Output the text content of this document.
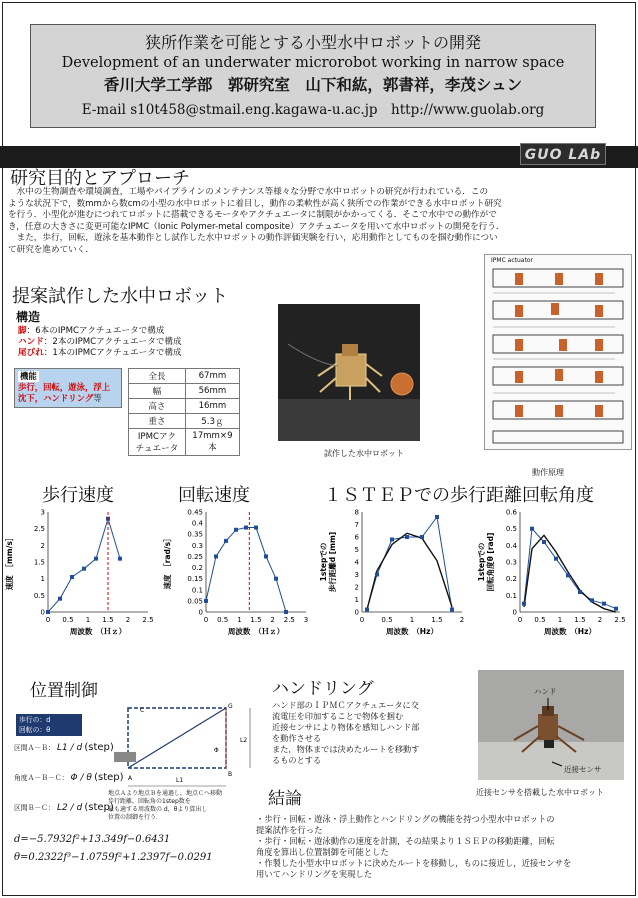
狭所作業を可能とする小型水中ロボットの開発
Development of an underwater microrobot working in narrow space
香川大学工学部　郭研究室　山下和紘，郭書祥，李茂シュン
E-mail s10t458@stmail.eng.kagawa-u.ac.jp　http://www.guolab.org
GUO LAb
研究目的とアプローチ
　水中の生物調査や環境調査，工場やパイプラインのメンテナンス等様々な分野で水中ロボットの研究が行われている．この
ような状況下で，数mmから数cmの小型の水中ロボットに着目し，動作の柔軟性が高く狭所での作業ができる水中ロボット研究
を行う．小型化が進むにつれてロボットに搭載できるモータやアクチュエータに制限がかかってくる．そこで水中での動作がで
き，任意の大きさに変更可能なIPMC（Ionic Polymer-metal composite）アクチュエータを用いて水中ロボットの開発を行う．
　また，歩行，回転，遊泳を基本動作とし試作した水中ロボットの動作評価実験を行い，応用動作としてものを掴む動作につい
て研究を進めていく.
提案試作した水中ロボット
構造
脚：6本のIPMCアクチュエータで構成
ハンド：2本のIPMCアクチュエータで構成
尾びれ：1本のIPMCアクチュエータで構成
機能
歩行，回転，遊泳，浮上
沈下，ハンドリング等
全長	67mm
幅	56mm
高さ	16mm
重さ	5.3ｇ
IPMCアク
チュエータ	17mm×9
本
試作した水中ロボット
IPMC actuator
動作原理
歩行速度	回転速度	１ＳＴＥＰでの歩行距離回転角度
0
0.5
1
1.5
2
2.5
3
0 0.5 1 1.5 2 2.5
周波数　（Ｈｚ）
速度　［mm/s］
0
0.05
0.1
0.15
0.2
0.25
0.3
0.35
0.4
0.45
0 0.5 1 1.5 2 2.5 3
周波数　（Ｈｚ）
速度　［rad/s］
0
1
2
3
4
5
6
7
8
0 0.5 1 1.5 2
周波数　（Hz）
1stepでの歩行距離d [mm]
0
0.1
0.2
0.3
0.4
0.5
0.6
0 0.5 1 1.5 2 2.5
周波数　（Hz）
1stepでの回転角度θ [rad]
位置制御
歩行の：d
回転の：θ
区間Ａ－Ｂ： L1 / d (step)
角度Ａ－Ｂ－Ｃ： Φ / θ (step)
区間Ｂ－Ｃ： L2 / d (step)
A
B
C
G
L1
L2
Φ
地点Ａより地点Ｂを通過し，地点Ｃへ移動
歩行距離，回転角の1step数を
最も適する周波数の d，θより算出し
位置の制御を行う．
d=−5.7932f²+13.349f−0.6431
θ=0.2322f³−1.0759f²+1.2397f−0.0291
ハンドリング
ハンド部のＩＰＭＣアクチュエータに交
流電圧を印加することで物体を掴む
近接センサにより物体を感知しハンド部
を動作させる
また，物体までは決めたルートを移動す
るものとする
ハンド
近接センサ
近接センサを搭載した水中ロボット
結論
・ 歩行・回転・遊泳・浮上動作とハンドリングの機能を持つ小型水中ロボットの
提案試作を行った
・ 歩行・回転・遊泳動作の速度を計測，その結果より１ＳＥＰの移動距離，回転
角度を算出し位置制御を可能とした
・ 作製した小型水中ロボットに決めたルートを移動し，ものに接近し，近接センサを
用いてハンドリングを実現した
